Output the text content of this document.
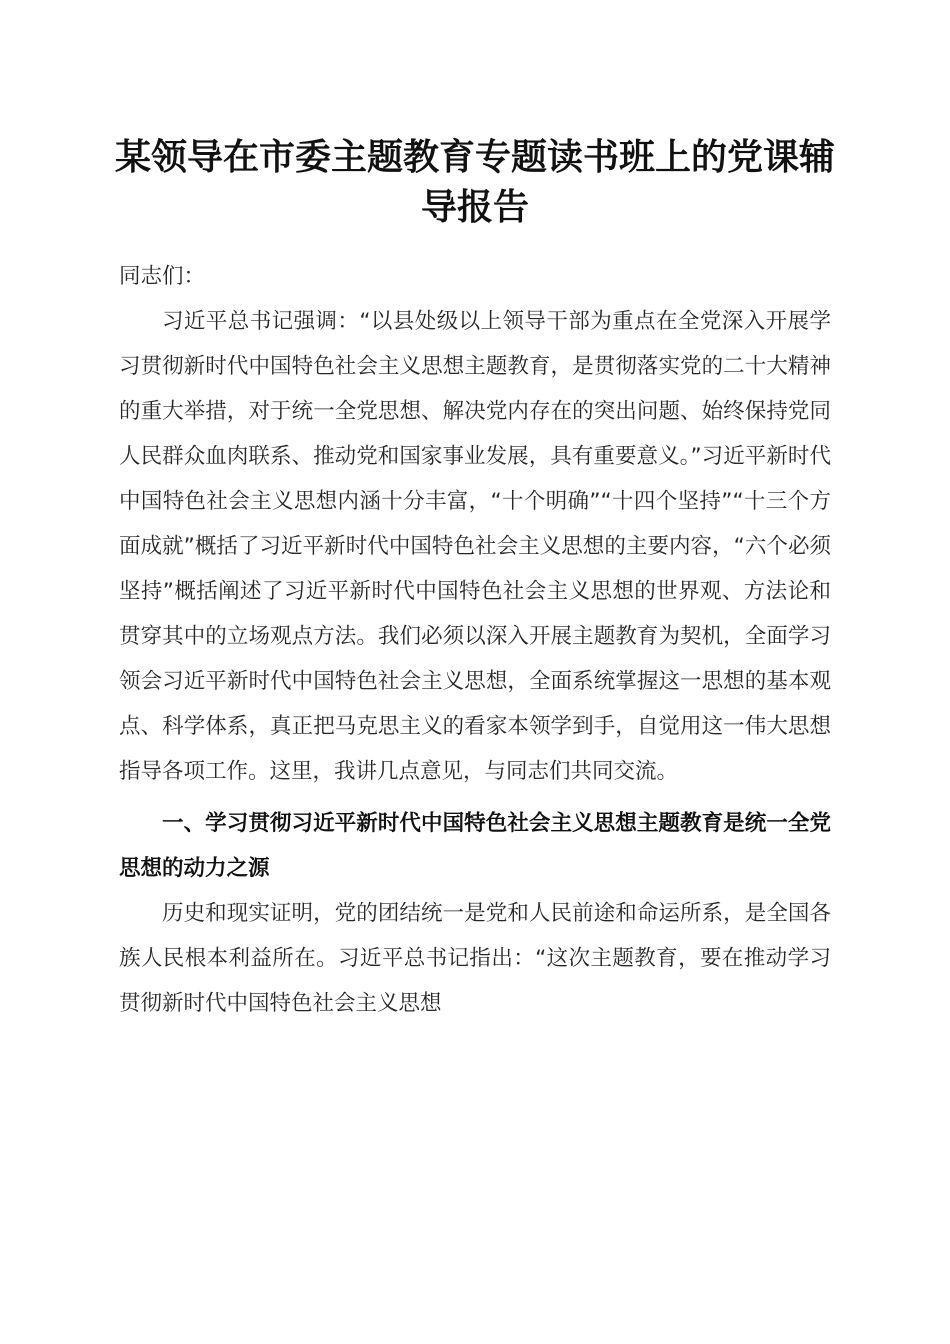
某领导在市委主题教育专题读书班上的党课辅导报告

同志们：

习近平总书记强调：“以县处级以上领导干部为重点在全党深入开展学习贯彻新时代中国特色社会主义思想主题教育，是贯彻落实党的二十大精神的重大举措，对于统一全党思想、解决党内存在的突出问题、始终保持党同人民群众血肉联系、推动党和国家事业发展，具有重要意义。”习近平新时代中国特色社会主义思想内涵十分丰富，“十个明确”“十四个坚持”“十三个方面成就”概括了习近平新时代中国特色社会主义思想的主要内容，“六个必须坚持”概括阐述了习近平新时代中国特色社会主义思想的世界观、方法论和贯穿其中的立场观点方法。我们必须以深入开展主题教育为契机，全面学习领会习近平新时代中国特色社会主义思想，全面系统掌握这一思想的基本观点、科学体系，真正把马克思主义的看家本领学到手，自觉用这一伟大思想指导各项工作。这里，我讲几点意见，与同志们共同交流。

一、学习贯彻习近平新时代中国特色社会主义思想主题教育是统一全党思想的动力之源

历史和现实证明，党的团结统一是党和人民前途和命运所系，是全国各族人民根本利益所在。习近平总书记指出：“这次主题教育，要在推动学习贯彻新时代中国特色社会主义思想
